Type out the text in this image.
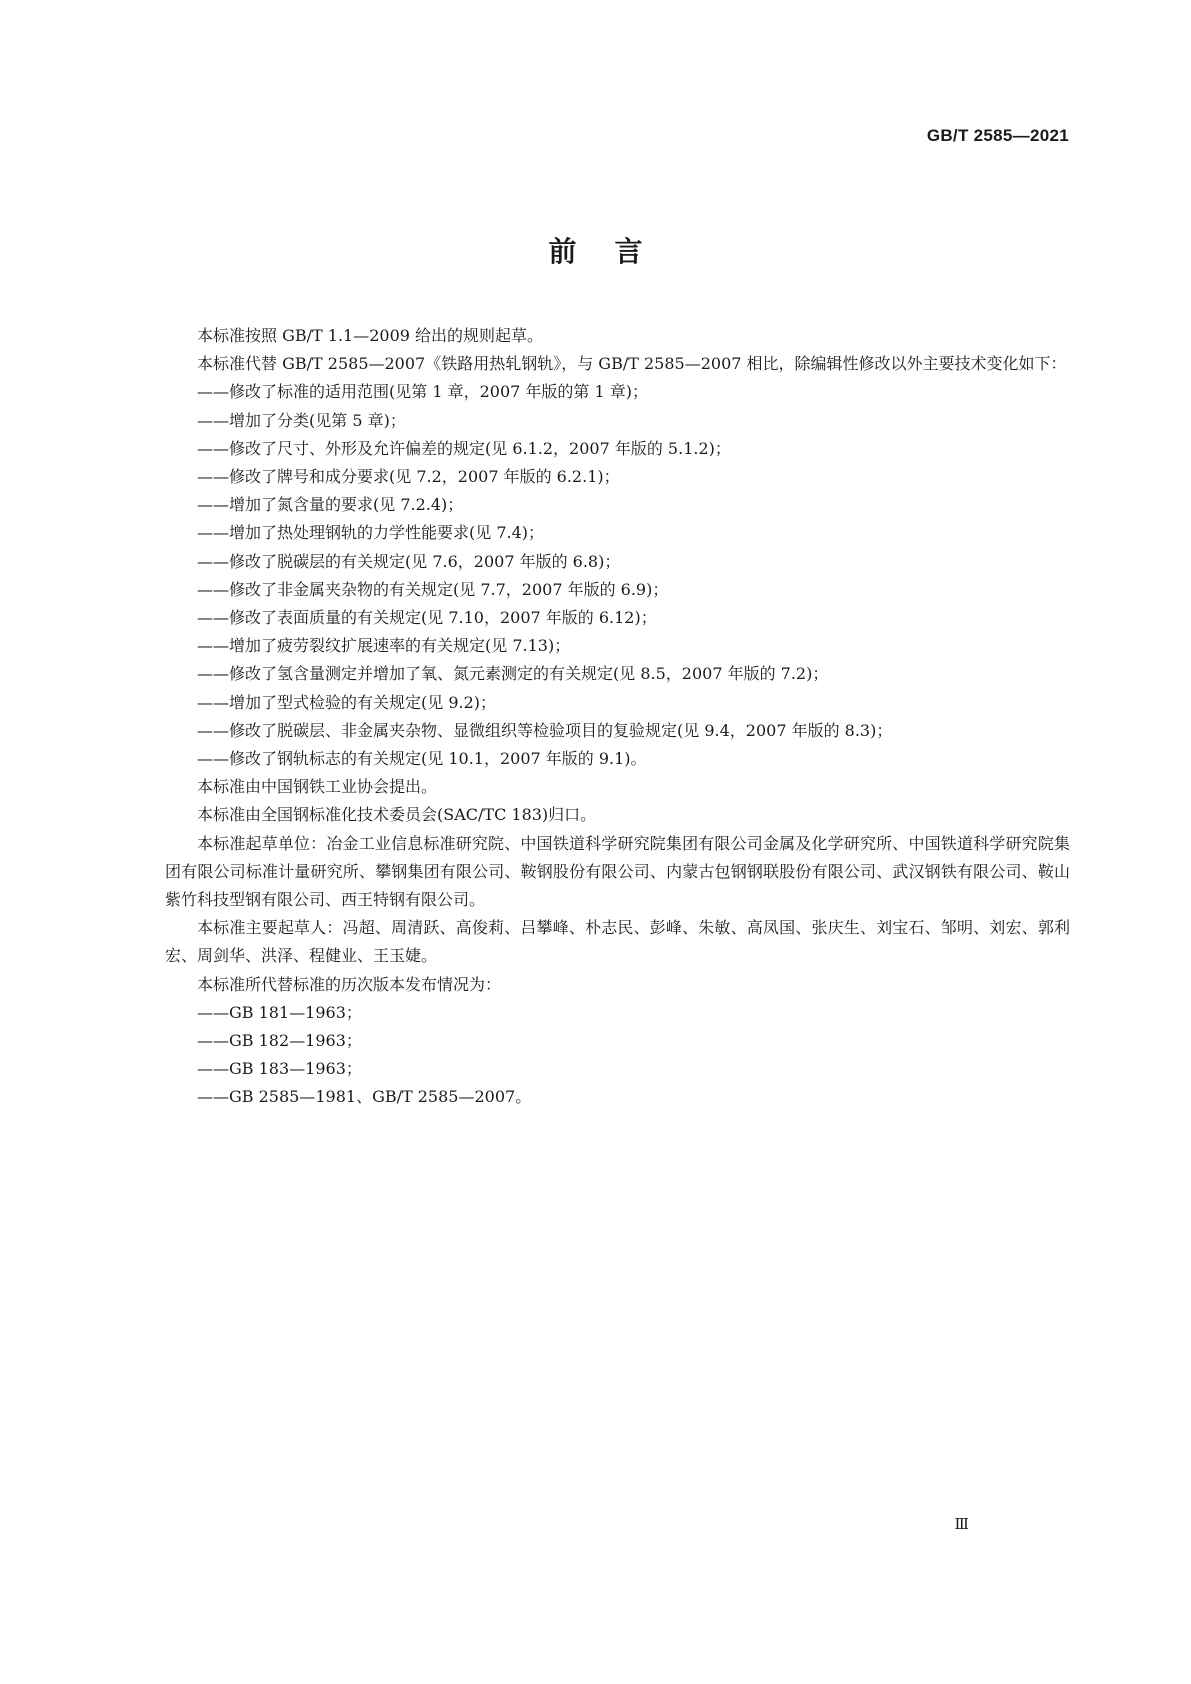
GB/T 2585—2021
前言

本标准按照 GB/T 1.1—2009 给出的规则起草。

本标准代替 GB/T 2585—2007《铁路用热轧钢轨》，与 GB/T 2585—2007 相比，除编辑性修改以外主要技术变化如下：

——修改了标准的适用范围(见第 1 章，2007 年版的第 1 章)；

——增加了分类(见第 5 章)；

——修改了尺寸、外形及允许偏差的规定(见 6.1.2，2007 年版的 5.1.2)；

——修改了牌号和成分要求(见 7.2，2007 年版的 6.2.1)；

——增加了氮含量的要求(见 7.2.4)；

——增加了热处理钢轨的力学性能要求(见 7.4)；

——修改了脱碳层的有关规定(见 7.6，2007 年版的 6.8)；

——修改了非金属夹杂物的有关规定(见 7.7，2007 年版的 6.9)；

——修改了表面质量的有关规定(见 7.10，2007 年版的 6.12)；

——增加了疲劳裂纹扩展速率的有关规定(见 7.13)；

——修改了氢含量测定并增加了氧、氮元素测定的有关规定(见 8.5，2007 年版的 7.2)；

——增加了型式检验的有关规定(见 9.2)；

——修改了脱碳层、非金属夹杂物、显微组织等检验项目的复验规定(见 9.4，2007 年版的 8.3)；

——修改了钢轨标志的有关规定(见 10.1，2007 年版的 9.1)。

本标准由中国钢铁工业协会提出。

本标准由全国钢标准化技术委员会(SAC/TC 183)归口。

本标准起草单位：冶金工业信息标准研究院、中国铁道科学研究院集团有限公司金属及化学研究所、中国铁道科学研究院集团有限公司标准计量研究所、攀钢集团有限公司、鞍钢股份有限公司、内蒙古包钢钢联股份有限公司、武汉钢铁有限公司、鞍山紫竹科技型钢有限公司、西王特钢有限公司。

本标准主要起草人：冯超、周清跃、高俊莉、吕攀峰、朴志民、彭峰、朱敏、高凤国、张庆生、刘宝石、邹明、刘宏、郭利宏、周剑华、洪泽、程健业、王玉婕。

本标准所代替标准的历次版本发布情况为：

——GB 181—1963；

——GB 182—1963；

——GB 183—1963；

——GB 2585—1981、GB/T 2585—2007。

Ⅲ
